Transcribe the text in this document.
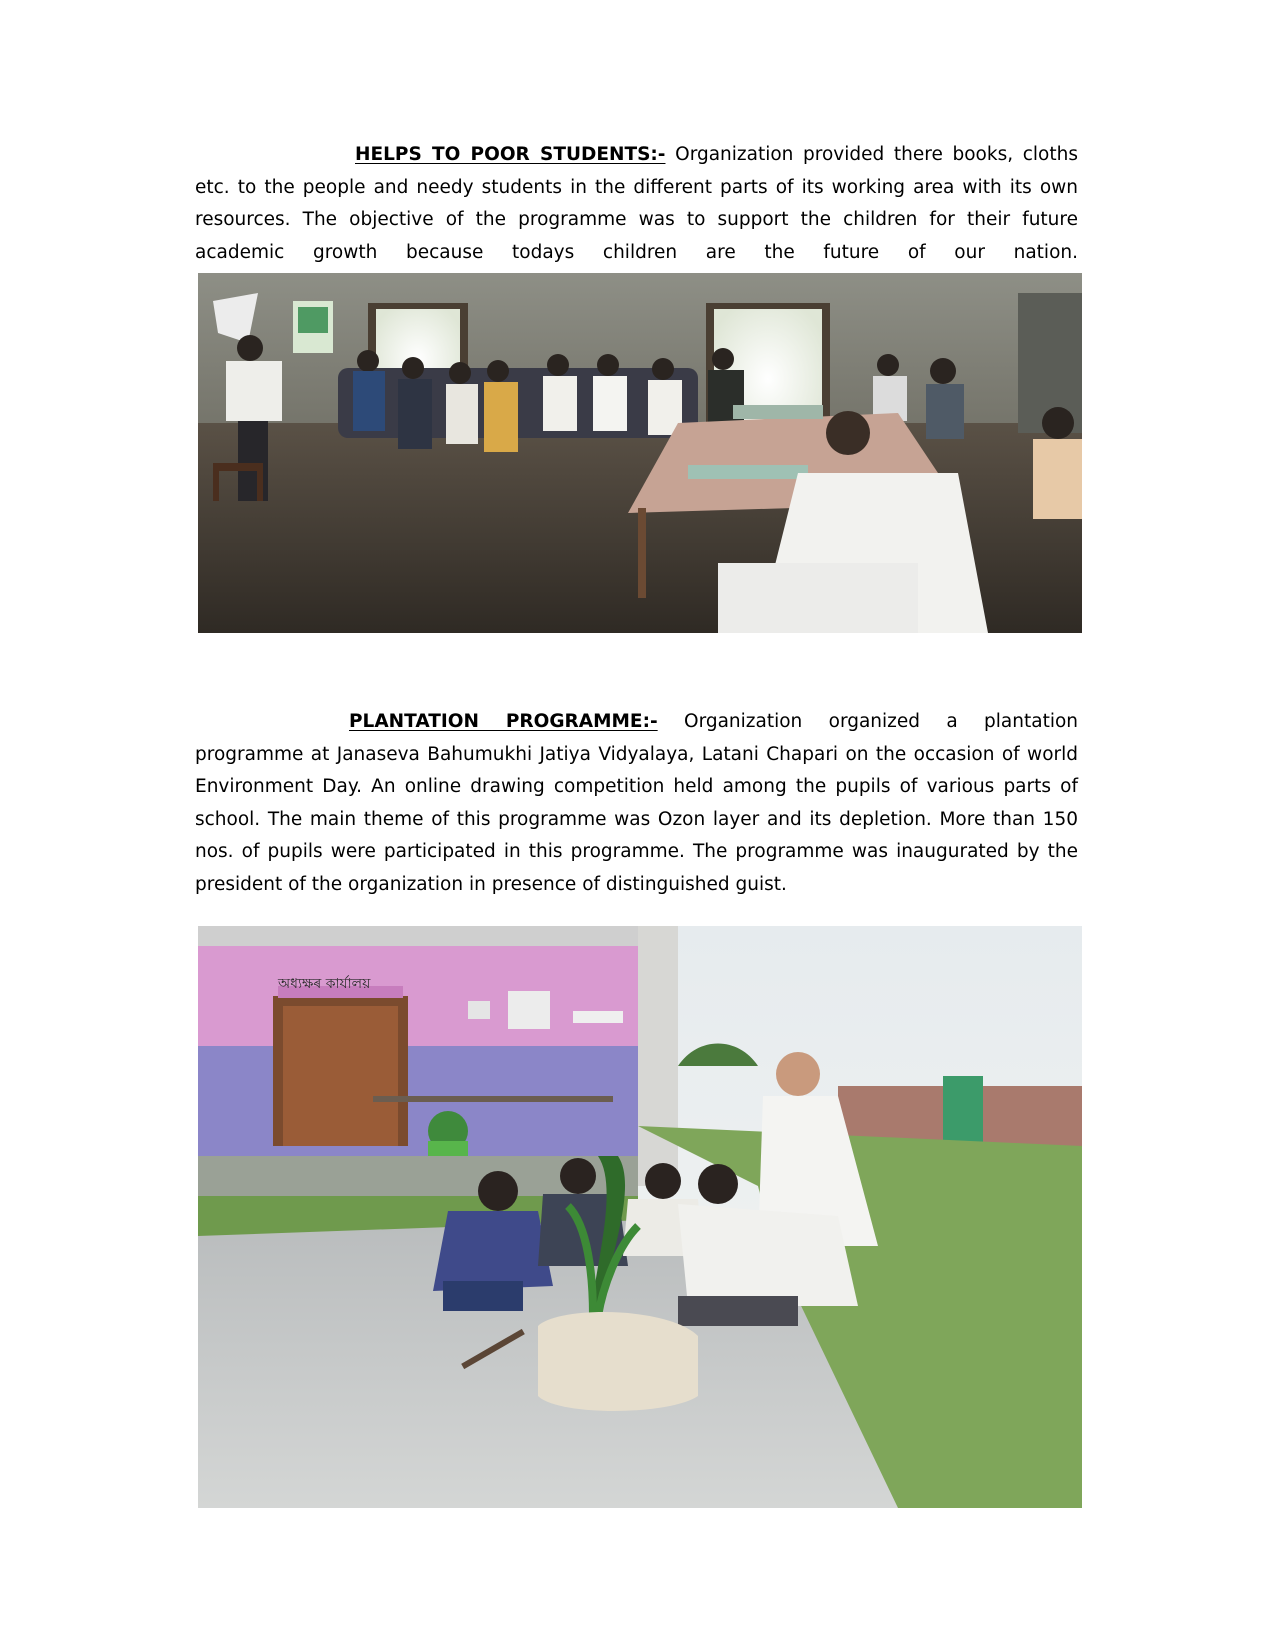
HELPS TO POOR STUDENTS:- Organization provided there books, cloths etc. to the people and needy students in the different parts of its working area with its own resources. The objective of the programme was to support the children for their future academic growth because todays children are the future of our nation.

PLANTATION PROGRAMME:- Organization organized a plantation programme at Janaseva Bahumukhi Jatiya Vidyalaya, Latani Chapari on the occasion of world Environment Day. An online drawing competition held among the pupils of various parts of school. The main theme of this programme was Ozon layer and its depletion. More than 150 nos. of pupils were participated in this programme. The programme was inaugurated by the president of the organization in presence of distinguished guist.

অধ্যক্ষৰ কাৰ্যালয়
